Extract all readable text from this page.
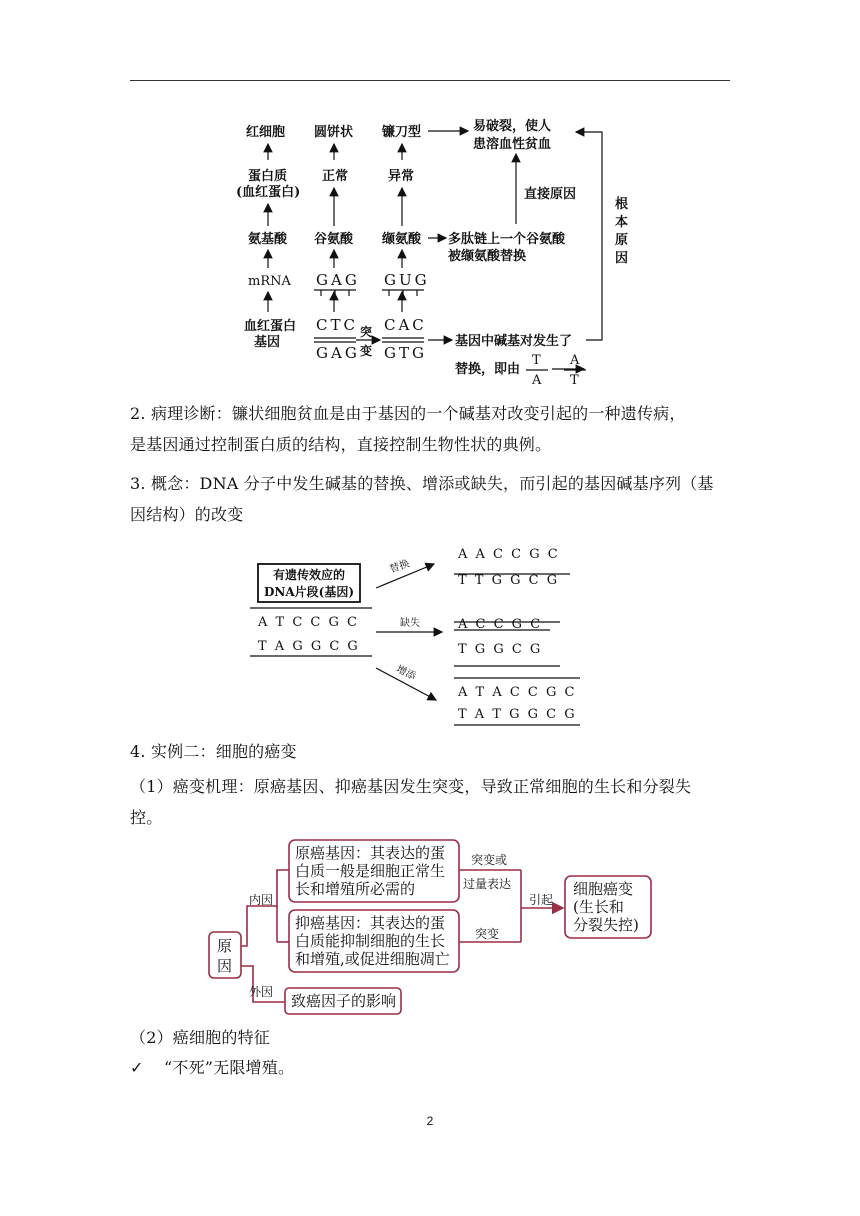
红细胞 圆饼状 镰刀型	易破裂，使人
患溶血性贫血
蛋白质
(血红蛋白)
正常	异常
直接原因
根
本
原
因
氨基酸 谷氨酸 缬氨酸 多肽链上一个谷氨酸
被缬氨酸替换
mRNA GAG GUG
血红蛋白
基因
CTC
GAG
突
变
CAC
GTG
基因中碱基对发生了
替换，即由
T
A
A
T
2. 病理诊断：镰状细胞贫血是由于基因的一个碱基对改变引起的一种遗传病，
是基因通过控制蛋白质的结构，直接控制生物性状的典例。
3. 概念：DNA 分子中发生碱基的替换、增添或缺失，而引起的基因碱基序列（基
因结构）的改变
有遗传效应的
DNA片段(基因)
A T C C G C
T A G G C G
A A C C G C
T T G G C G
A C C G C
T G G C G
A T A C C G C
T A T G G C G
替换
缺失
增添
4. 实例二：细胞的癌变
（1）癌变机理：原癌基因、抑癌基因发生突变，导致正常细胞的生长和分裂失
控。
原
因
原癌基因：其表达的蛋
白质一般是细胞正常生
长和增殖所必需的
抑癌基因：其表达的蛋
白质能抑制细胞的生长
和增殖,或促进细胞凋亡
致癌因子的影响
细胞癌变
(生长和
分裂失控)
内因
外因
突变或
过量表达
突变
引起
（2）癌细胞的特征
✓ “不死”无限增殖。
2
